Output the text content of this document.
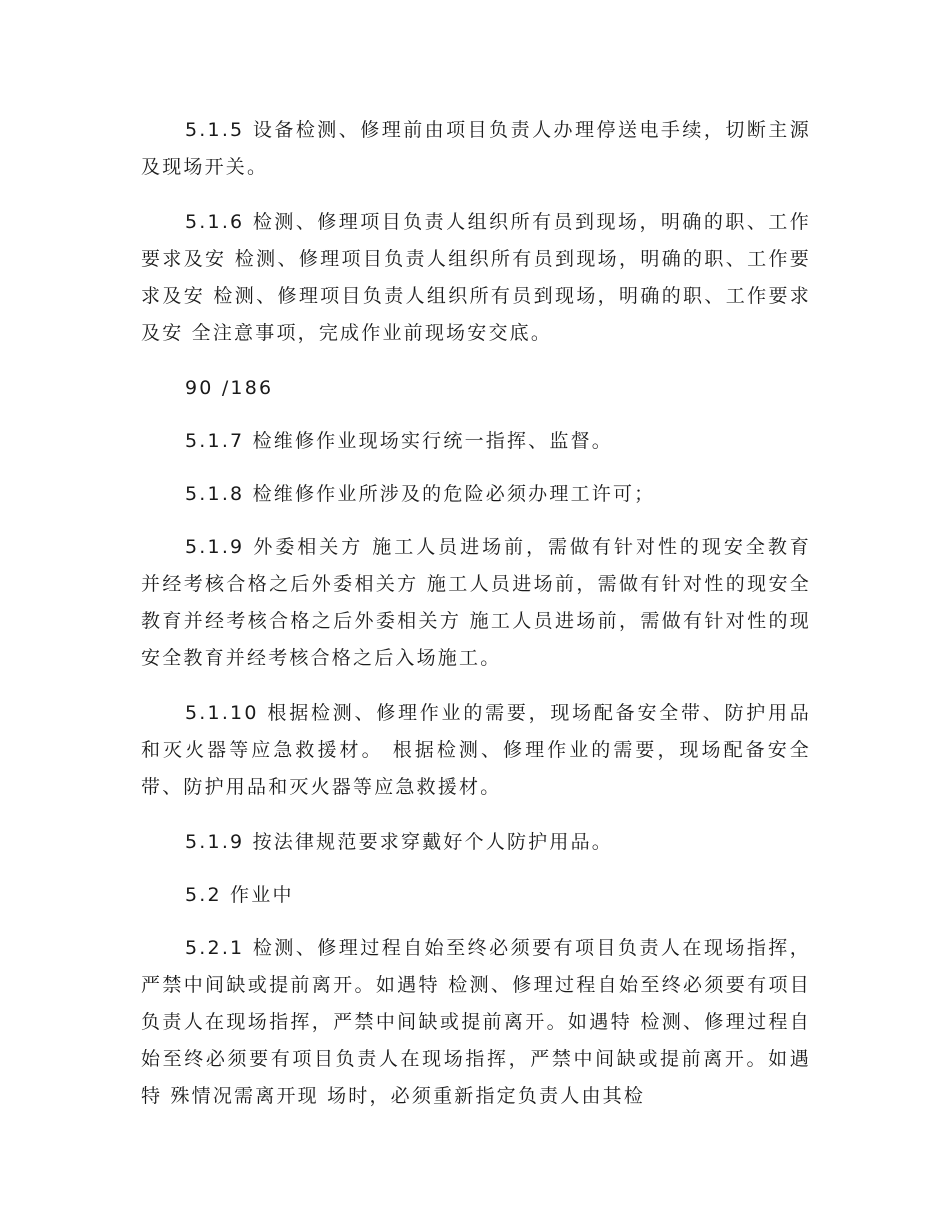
5.1.5 设备检测、修理前由项目负责人办理停送电手续，切断主源及现场开关。

5.1.6 检测、修理项目负责人组织所有员到现场，明确的职、工作要求及安 检测、修理项目负责人组织所有员到现场，明确的职、工作要求及安 检测、修理项目负责人组织所有员到现场，明确的职、工作要求及安 全注意事项，完成作业前现场安交底。

90 /186

5.1.7 检维修作业现场实行统一指挥、监督。

5.1.8 检维修作业所涉及的危险必须办理工许可；

5.1.9 外委相关方 施工人员进场前，需做有针对性的现安全教育并经考核合格之后外委相关方 施工人员进场前，需做有针对性的现安全教育并经考核合格之后外委相关方 施工人员进场前，需做有针对性的现安全教育并经考核合格之后入场施工。

5.1.10 根据检测、修理作业的需要，现场配备安全带、防护用品和灭火器等应急救援材。 根据检测、修理作业的需要，现场配备安全带、防护用品和灭火器等应急救援材。

5.1.9 按法律规范要求穿戴好个人防护用品。

5.2 作业中

5.2.1 检测、修理过程自始至终必须要有项目负责人在现场指挥，严禁中间缺或提前离开。如遇特 检测、修理过程自始至终必须要有项目负责人在现场指挥，严禁中间缺或提前离开。如遇特 检测、修理过程自始至终必须要有项目负责人在现场指挥，严禁中间缺或提前离开。如遇特 殊情况需离开现 场时，必须重新指定负责人由其检
